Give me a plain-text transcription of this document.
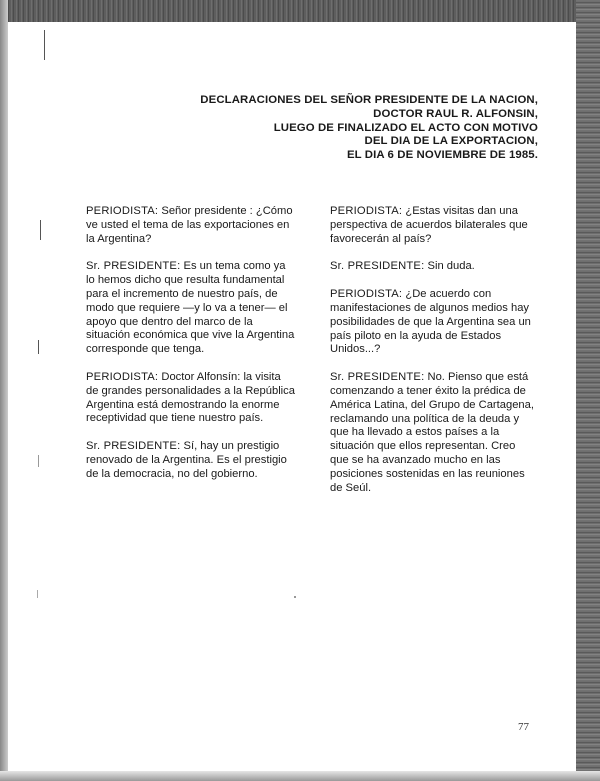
DECLARACIONES DEL SEÑOR PRESIDENTE DE LA NACION,
DOCTOR RAUL R. ALFONSIN,
LUEGO DE FINALIZADO EL ACTO CON MOTIVO
DEL DIA DE LA EXPORTACION,
EL DIA 6 DE NOVIEMBRE DE 1985.

PERIODISTA: Señor presidente : ¿Cómo ve usted el tema de las exportaciones en la Argentina?

Sr. PRESIDENTE: Es un tema como ya lo hemos dicho que resulta fundamental para el incremento de nuestro país, de modo que requiere —y lo va a tener— el apoyo que dentro del marco de la situación económica que vive la Argentina corresponde que tenga.

PERIODISTA: Doctor Alfonsín: la visita de grandes personalidades a la República Argentina está demostrando la enorme receptividad que tiene nuestro país.

Sr. PRESIDENTE: Sí, hay un prestigio renovado de la Argentina. Es el prestigio de la democracia, no del gobierno.

PERIODISTA: ¿Estas visitas dan una perspectiva de acuerdos bilaterales que favorecerán al país?

Sr. PRESIDENTE: Sin duda.

PERIODISTA: ¿De acuerdo con manifestaciones de algunos medios hay posibilidades de que la Argentina sea un país piloto en la ayuda de Estados Unidos...?

Sr. PRESIDENTE: No. Pienso que está comenzando a tener éxito la prédica de América Latina, del Grupo de Cartagena, reclamando una política de la deuda y que ha llevado a estos países a la situación que ellos representan. Creo que se ha avanzado mucho en las posiciones sostenidas en las reuniones de Seúl.

77
